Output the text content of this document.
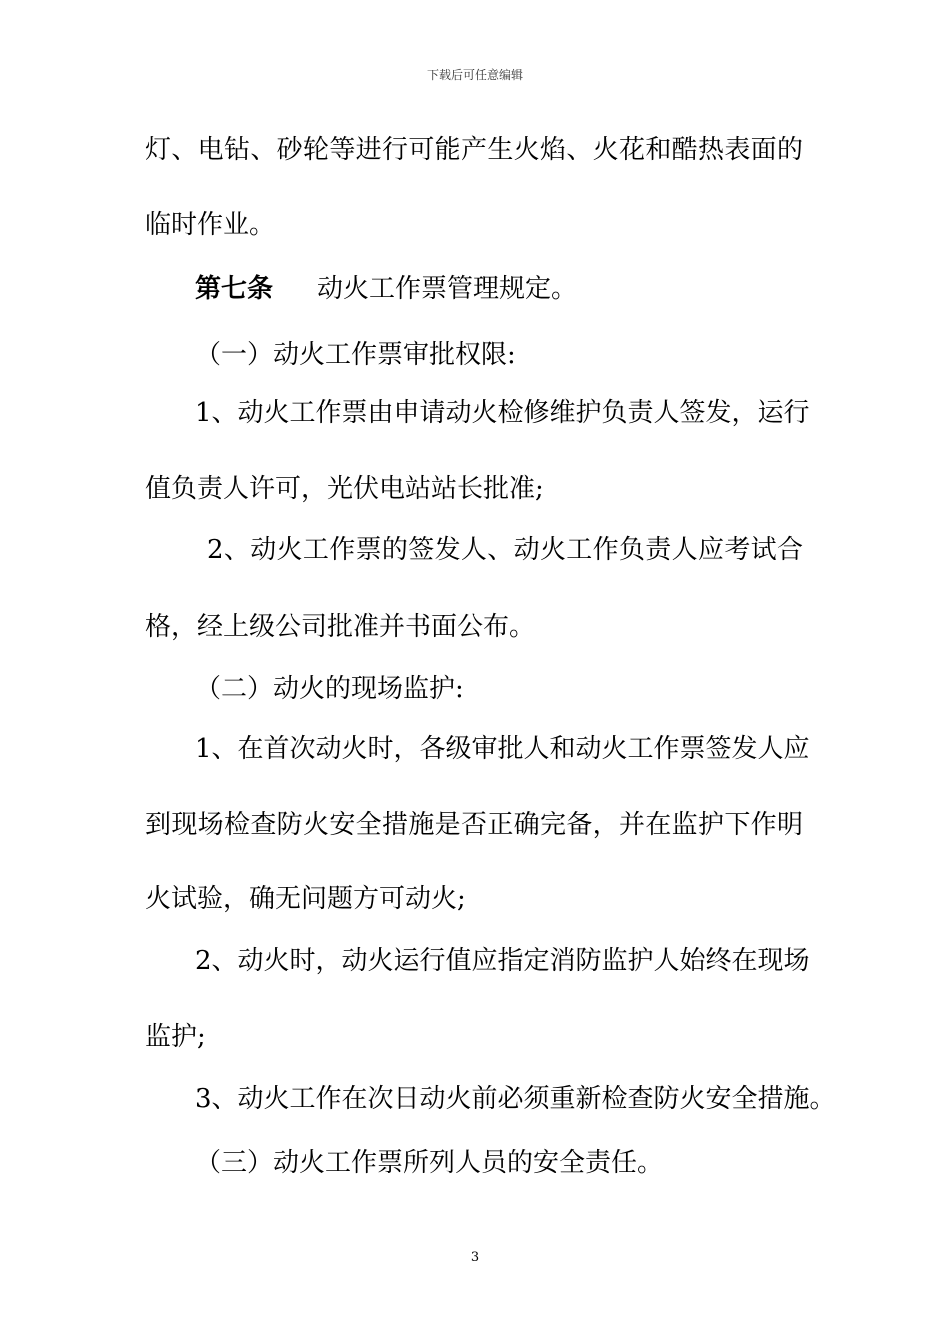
下载后可任意编辑
灯、电钻、砂轮等进行可能产生火焰、火花和酷热表面的
临时作业。
第七条 动火工作票管理规定。
（一）动火工作票审批权限:
1、动火工作票由申请动火检修维护负责人签发，运行
值负责人许可，光伏电站站长批准;
2、动火工作票的签发人、动火工作负责人应考试合
格，经上级公司批准并书面公布。
（二）动火的现场监护:
1、在首次动火时，各级审批人和动火工作票签发人应
到现场检查防火安全措施是否正确完备，并在监护下作明
火试验，确无问题方可动火;
2、动火时，动火运行值应指定消防监护人始终在现场
监护;
3、动火工作在次日动火前必须重新检查防火安全措施。
（三）动火工作票所列人员的安全责任。
3
